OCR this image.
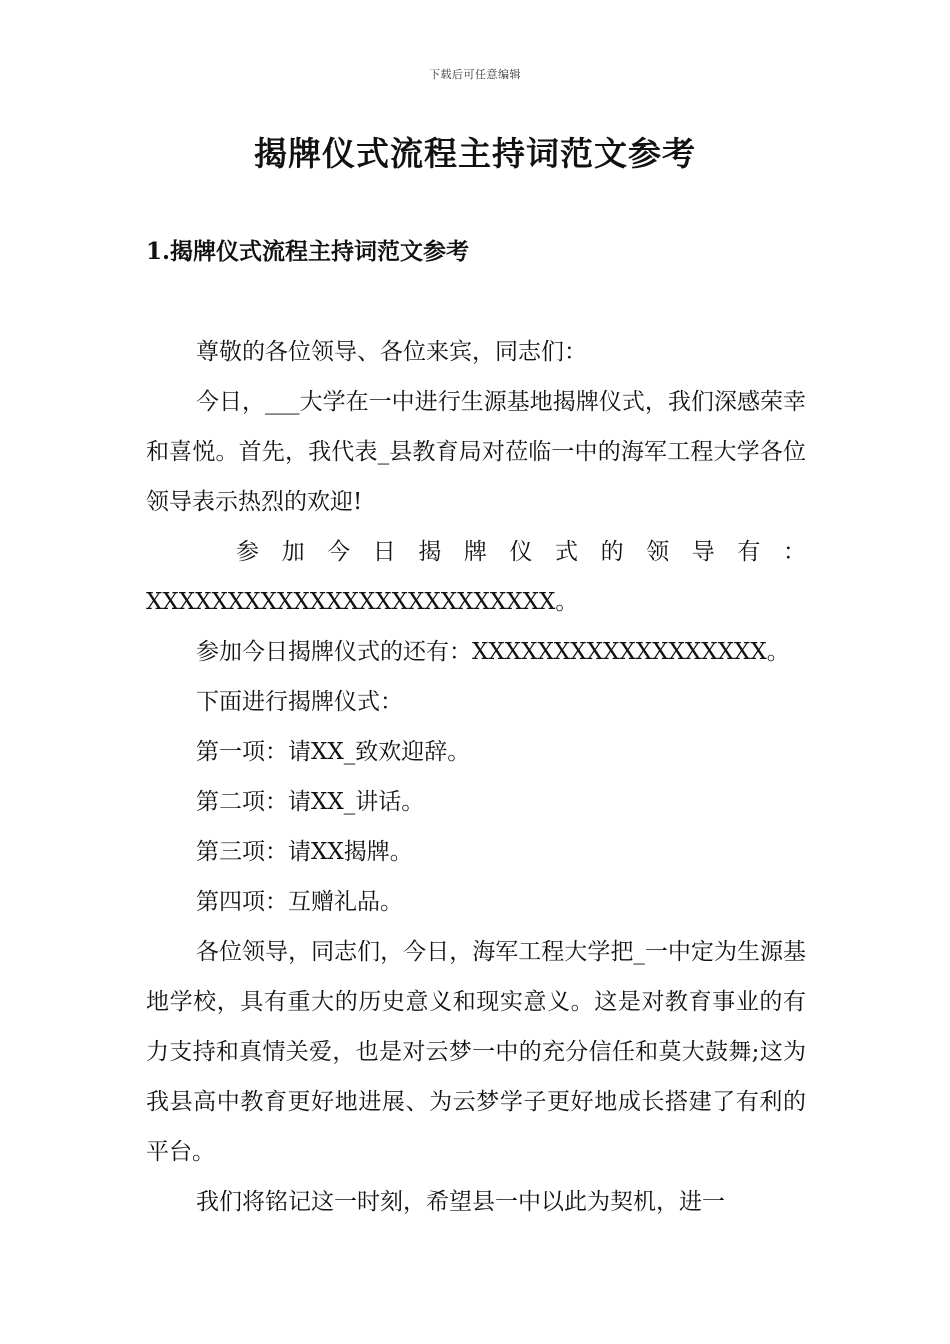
下载后可任意编辑
揭牌仪式流程主持词范文参考
1.揭牌仪式流程主持词范文参考

尊敬的各位领导、各位来宾，同志们：

今日，___大学在一中进行生源基地揭牌仪式，我们深感荣幸和喜悦。首先，我代表_县教育局对莅临一中的海军工程大学各位领导表示热烈的欢迎!

参 加 今 日 揭 牌 仪 式 的 领 导 有 ：

XXXXXXXXXXXXXXXXXXXXXXXXX。

参加今日揭牌仪式的还有：XXXXXXXXXXXXXXXXXX。

下面进行揭牌仪式：

第一项：请XX_致欢迎辞。

第二项：请XX_讲话。

第三项：请XX揭牌。

第四项：互赠礼品。

各位领导，同志们，今日，海军工程大学把_一中定为生源基地学校，具有重大的历史意义和现实意义。这是对教育事业的有力支持和真情关爱，也是对云梦一中的充分信任和莫大鼓舞;这为我县高中教育更好地进展、为云梦学子更好地成长搭建了有利的平台。

我们将铭记这一时刻，希望县一中以此为契机，进一
